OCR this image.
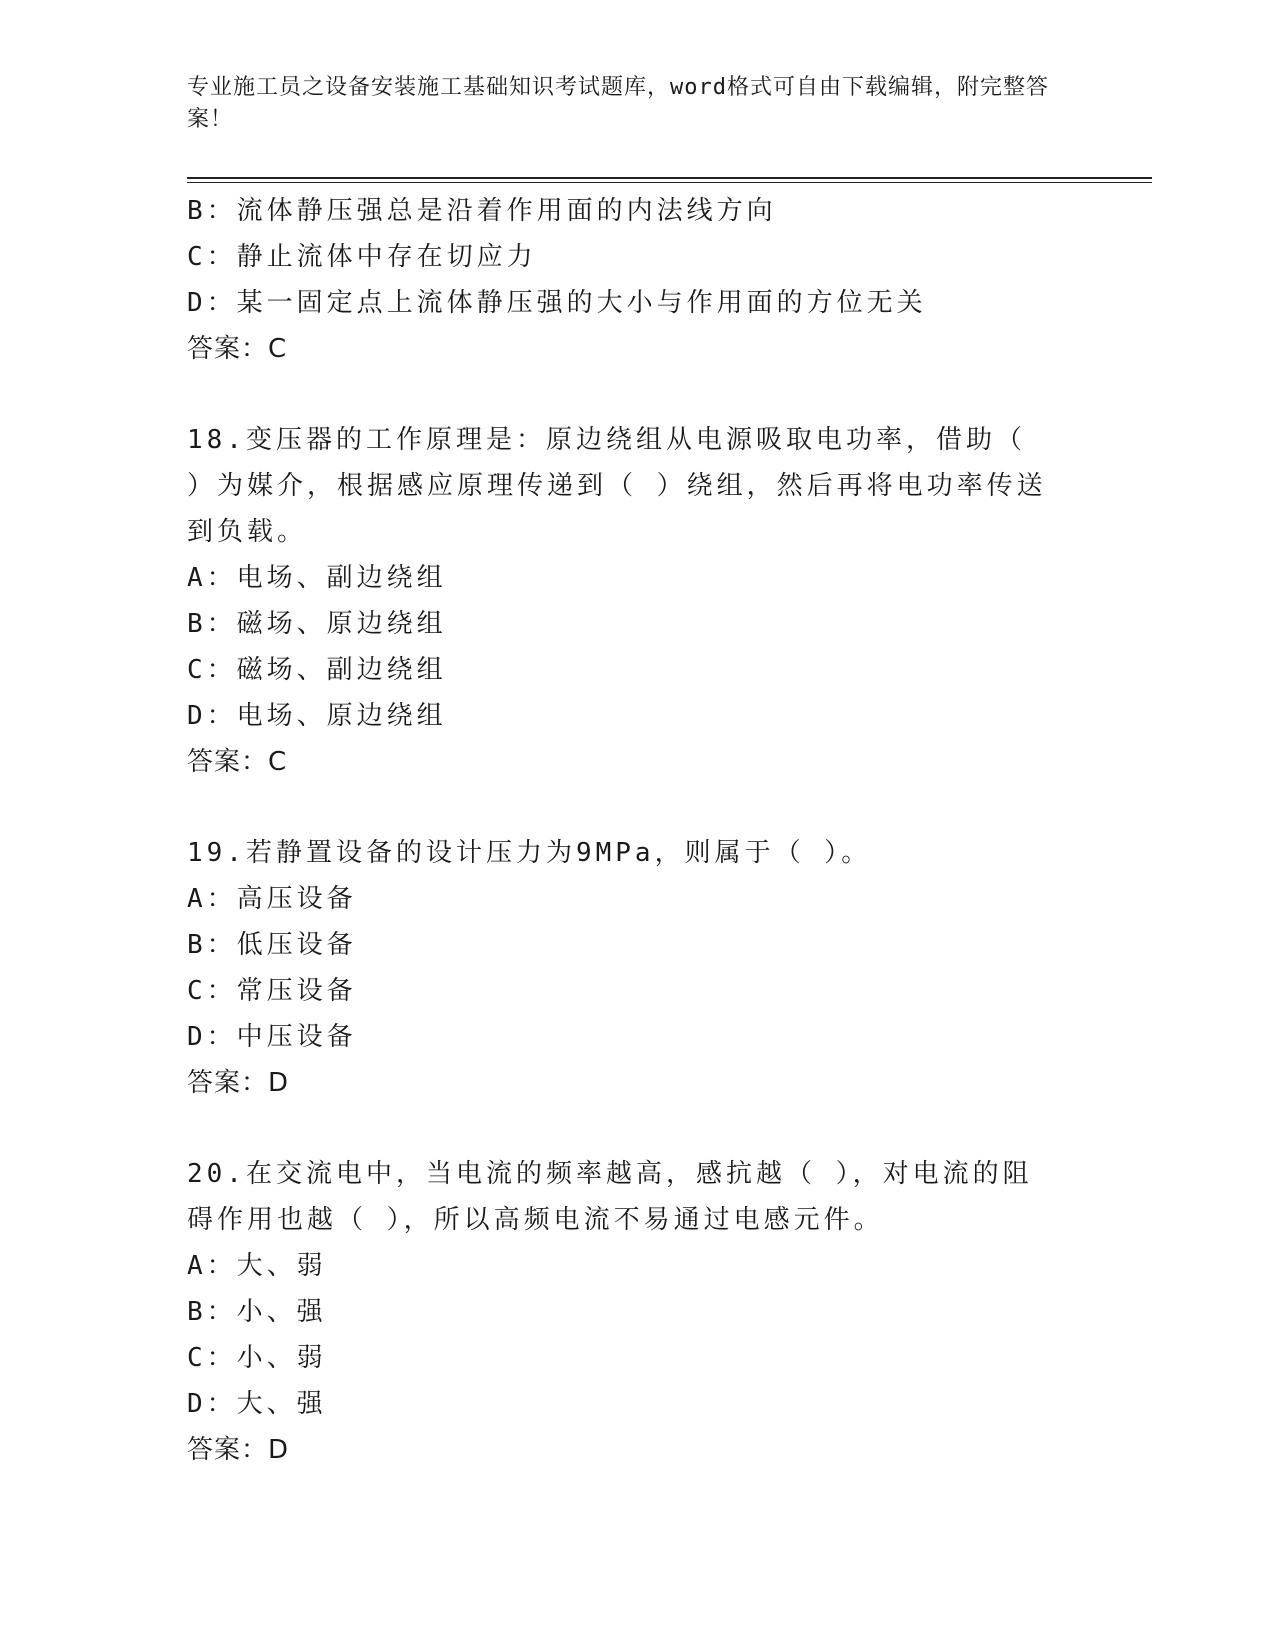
专业施工员之设备安装施工基础知识考试题库，word格式可自由下载编辑，附完整答案！
B：流体静压强总是沿着作用面的内法线方向
C：静止流体中存在切应力
D：某一固定点上流体静压强的大小与作用面的方位无关
答案：C
18.变压器的工作原理是：原边绕组从电源吸取电功率，借助（ ）为媒介，根据感应原理传递到（ ）绕组，然后再将电功率传送到负载。
A：电场、副边绕组
B：磁场、原边绕组
C：磁场、副边绕组
D：电场、原边绕组
答案：C
19.若静置设备的设计压力为9MPa，则属于（ ）。
A：高压设备
B：低压设备
C：常压设备
D：中压设备
答案：D
20.在交流电中，当电流的频率越高，感抗越（ ），对电流的阻碍作用也越（ ），所以高频电流不易通过电感元件。
A：大、弱
B：小、强
C：小、弱
D：大、强
答案：D
